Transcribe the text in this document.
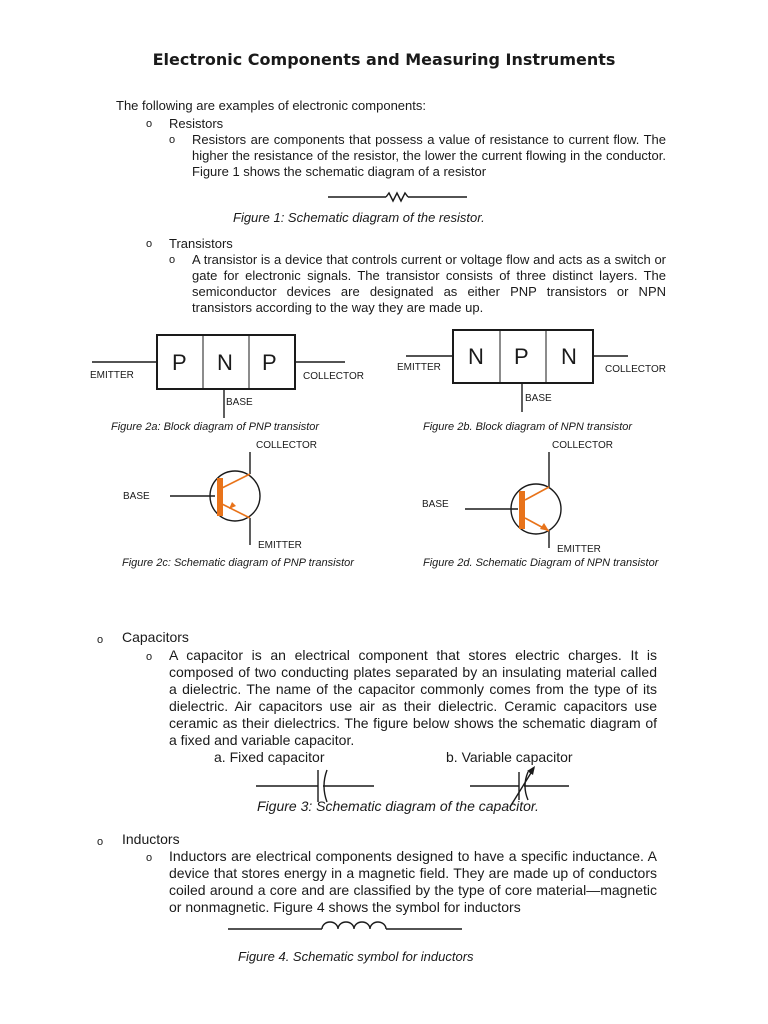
Electronic Components and Measuring Instruments
The following are examples of electronic components:
o Resistors
o Resistors are components that possess a value of resistance to current flow. The higher the resistance of the resistor, the lower the current flowing in the conductor. Figure 1 shows the schematic diagram of a resistor
Figure 1: Schematic diagram of the resistor.
o Transistors
o A transistor is a device that controls current or voltage flow and acts as a switch or gate for electronic signals. The transistor consists of three distinct layers. The semiconductor devices are designated as either PNP transistors or NPN transistors according to the way they are made up.
EMITTER	COLLECTOR
BASE
P N P
Figure 2a: Block diagram of PNP transistor
EMITTER	COLLECTOR
BASE
N P N
Figure 2b. Block diagram of NPN transistor
COLLECTOR
BASE
EMITTER
Figure 2c: Schematic diagram of PNP transistor
COLLECTOR
BASE
EMITTER
Figure 2d. Schematic Diagram of NPN transistor
o Capacitors
o A capacitor is an electrical component that stores electric charges. It is composed of two conducting plates separated by an insulating material called a dielectric. The name of the capacitor commonly comes from the type of its dielectric. Air capacitors use air as their dielectric. Ceramic capacitors use ceramic as their dielectrics. The figure below shows the schematic diagram of a fixed and variable capacitor.
a. Fixed capacitor	b. Variable capacitor
Figure 3: Schematic diagram of the capacitor.
o Inductors
o Inductors are electrical components designed to have a specific inductance. A device that stores energy in a magnetic field. They are made up of conductors coiled around a core and are classified by the type of core material—magnetic or nonmagnetic. Figure 4 shows the symbol for inductors
Figure 4. Schematic symbol for inductors
